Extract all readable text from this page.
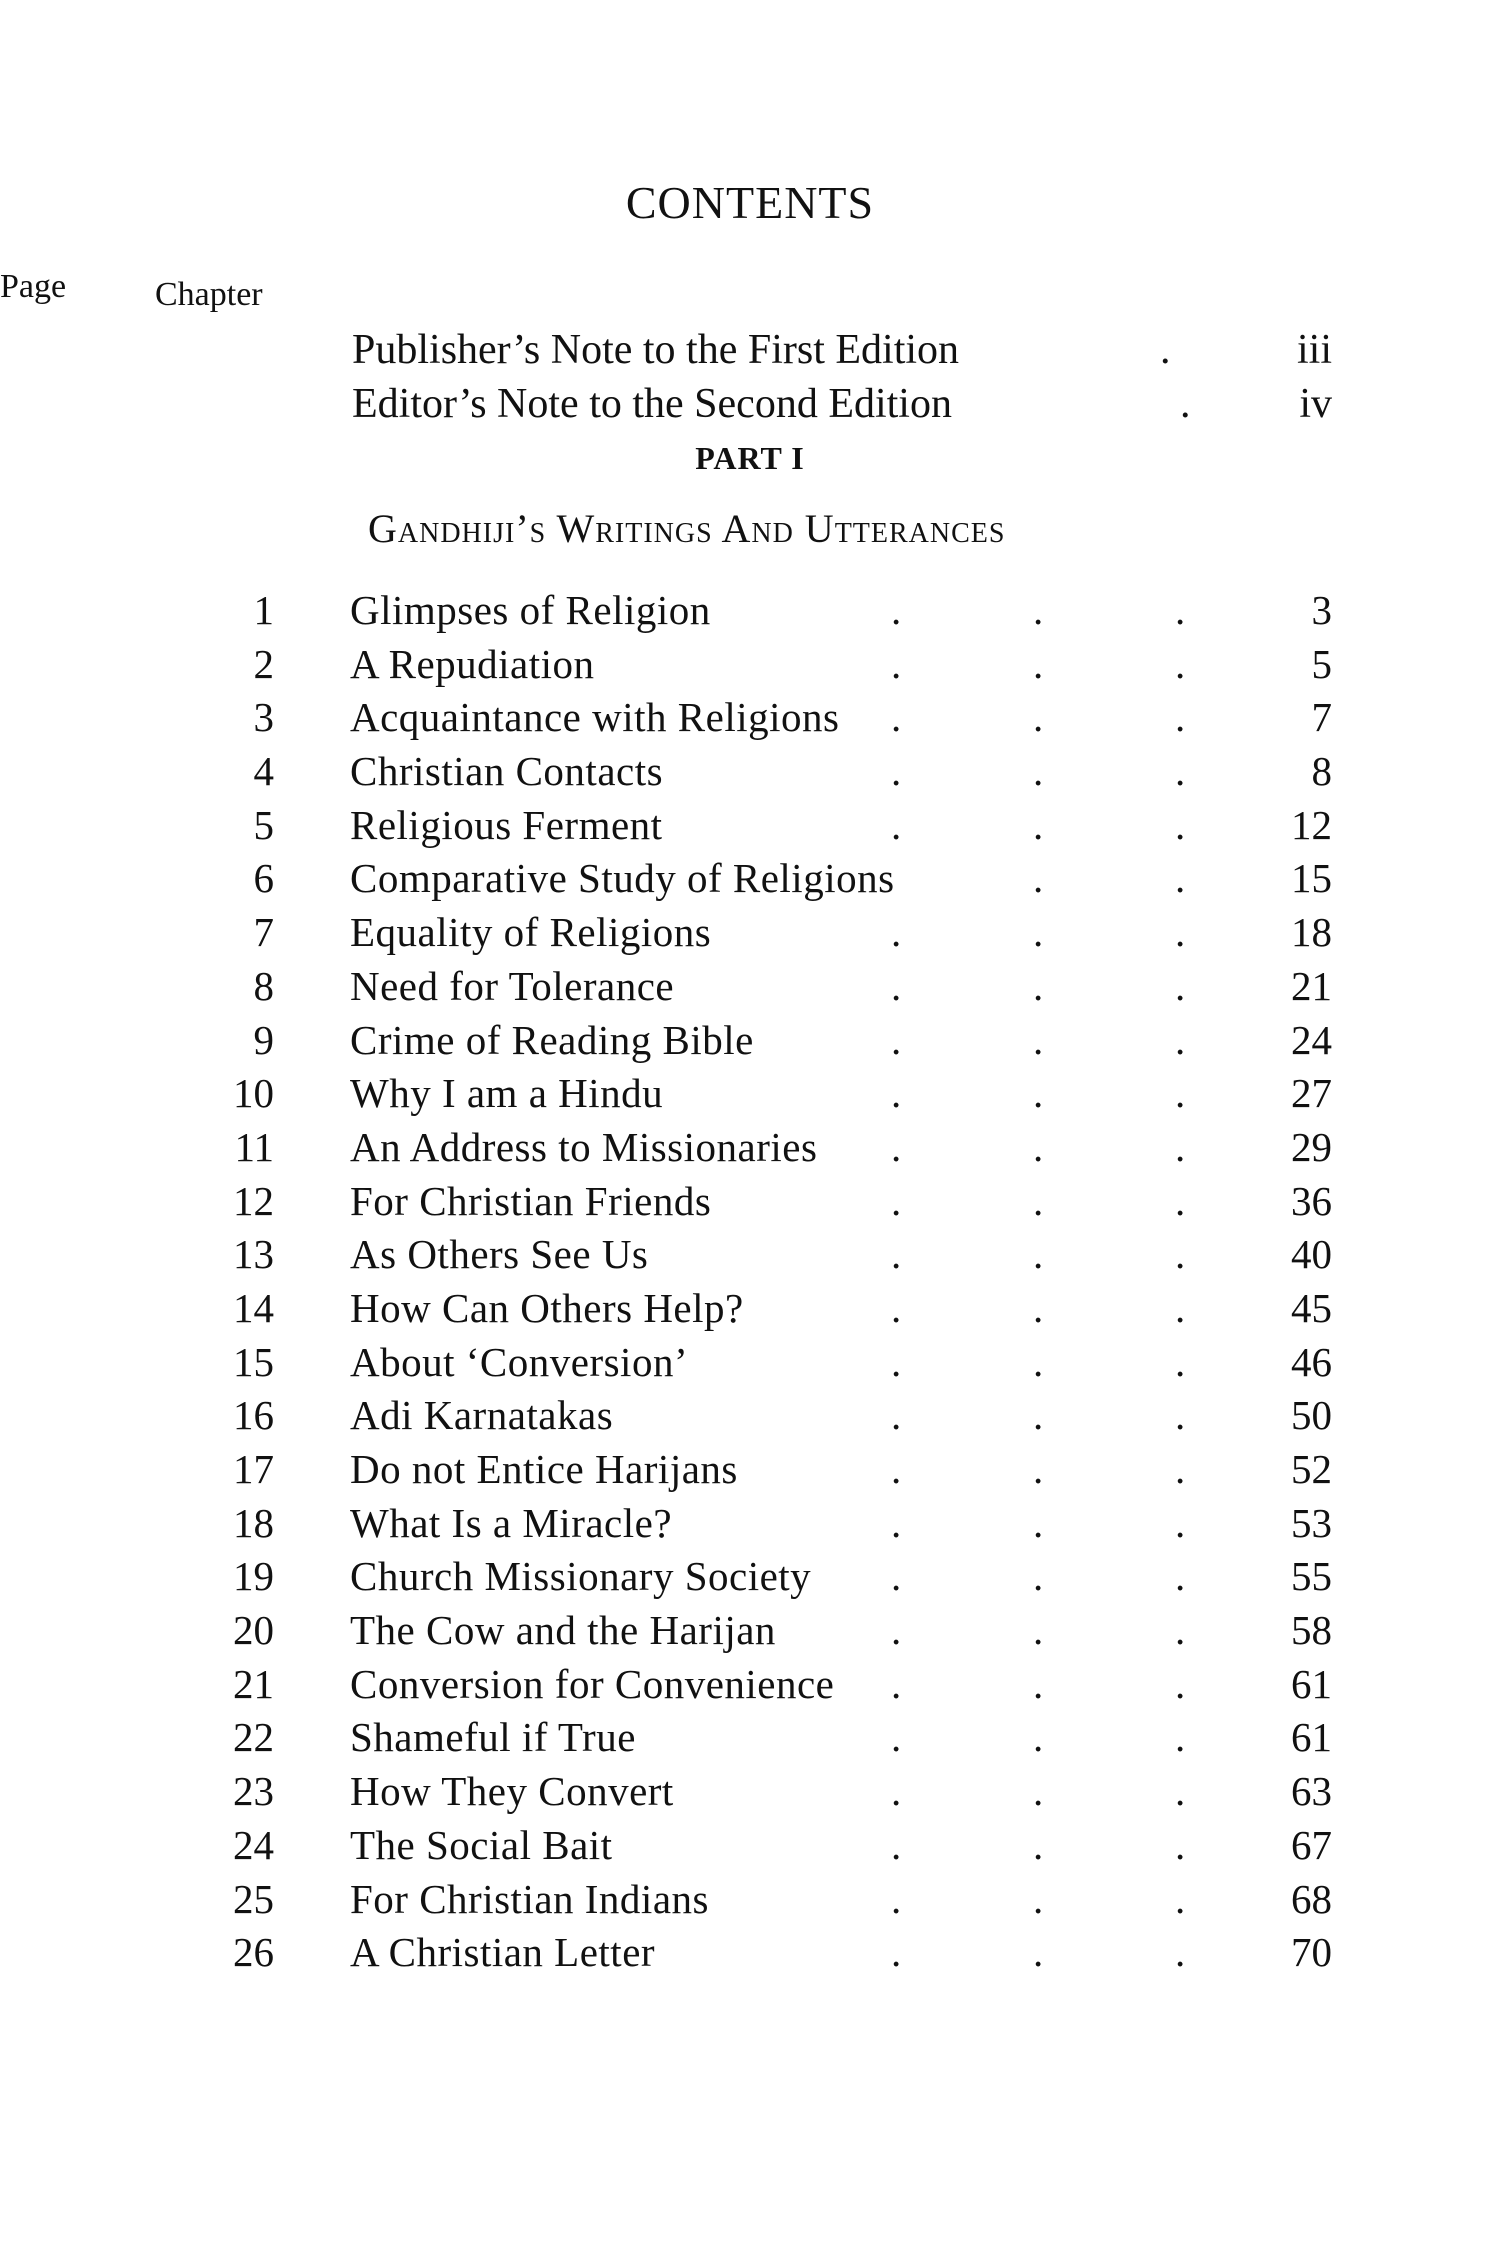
CONTENTS
Chapter
Page
Publisher’s Note to the First Edition	.	iii
Editor’s Note to the Second Edition	.	iv
PART I
Gandhiji’s Writings And Utterances
1 Glimpses of Religion	.	.	.	3
2 A Repudiation	.	.	.	5
3 Acquaintance with Religions .	.	.	7
4 Christian Contacts	.	.	.	8
5 Religious Ferment	.	.	.	12
6 Comparative Study of Religions	.	.	15
7 Equality of Religions	.	.	.	18
8 Need for Tolerance	.	.	.	21
9 Crime of Reading Bible	.	.	.	24
10 Why I am a Hindu	.	.	.	27
11 An Address to Missionaries .	.	.	29
12 For Christian Friends	.	.	.	36
13 As Others See Us	.	.	.	40
14 How Can Others Help?	.	.	.	45
15 About ‘Conversion’	.	.	.	46
16 Adi Karnatakas	.	.	.	50
17 Do not Entice Harijans	.	.	.	52
18 What Is a Miracle?	.	.	.	53
19 Church Missionary Society .	.	.	55
20 The Cow and the Harijan	.	.	.	58
21 Conversion for Convenience .	.	.	61
22 Shameful if True	.	.	.	61
23 How They Convert	.	.	.	63
24 The Social Bait	.	.	.	67
25 For Christian Indians	.	.	.	68
26 A Christian Letter	.	.	.	70
